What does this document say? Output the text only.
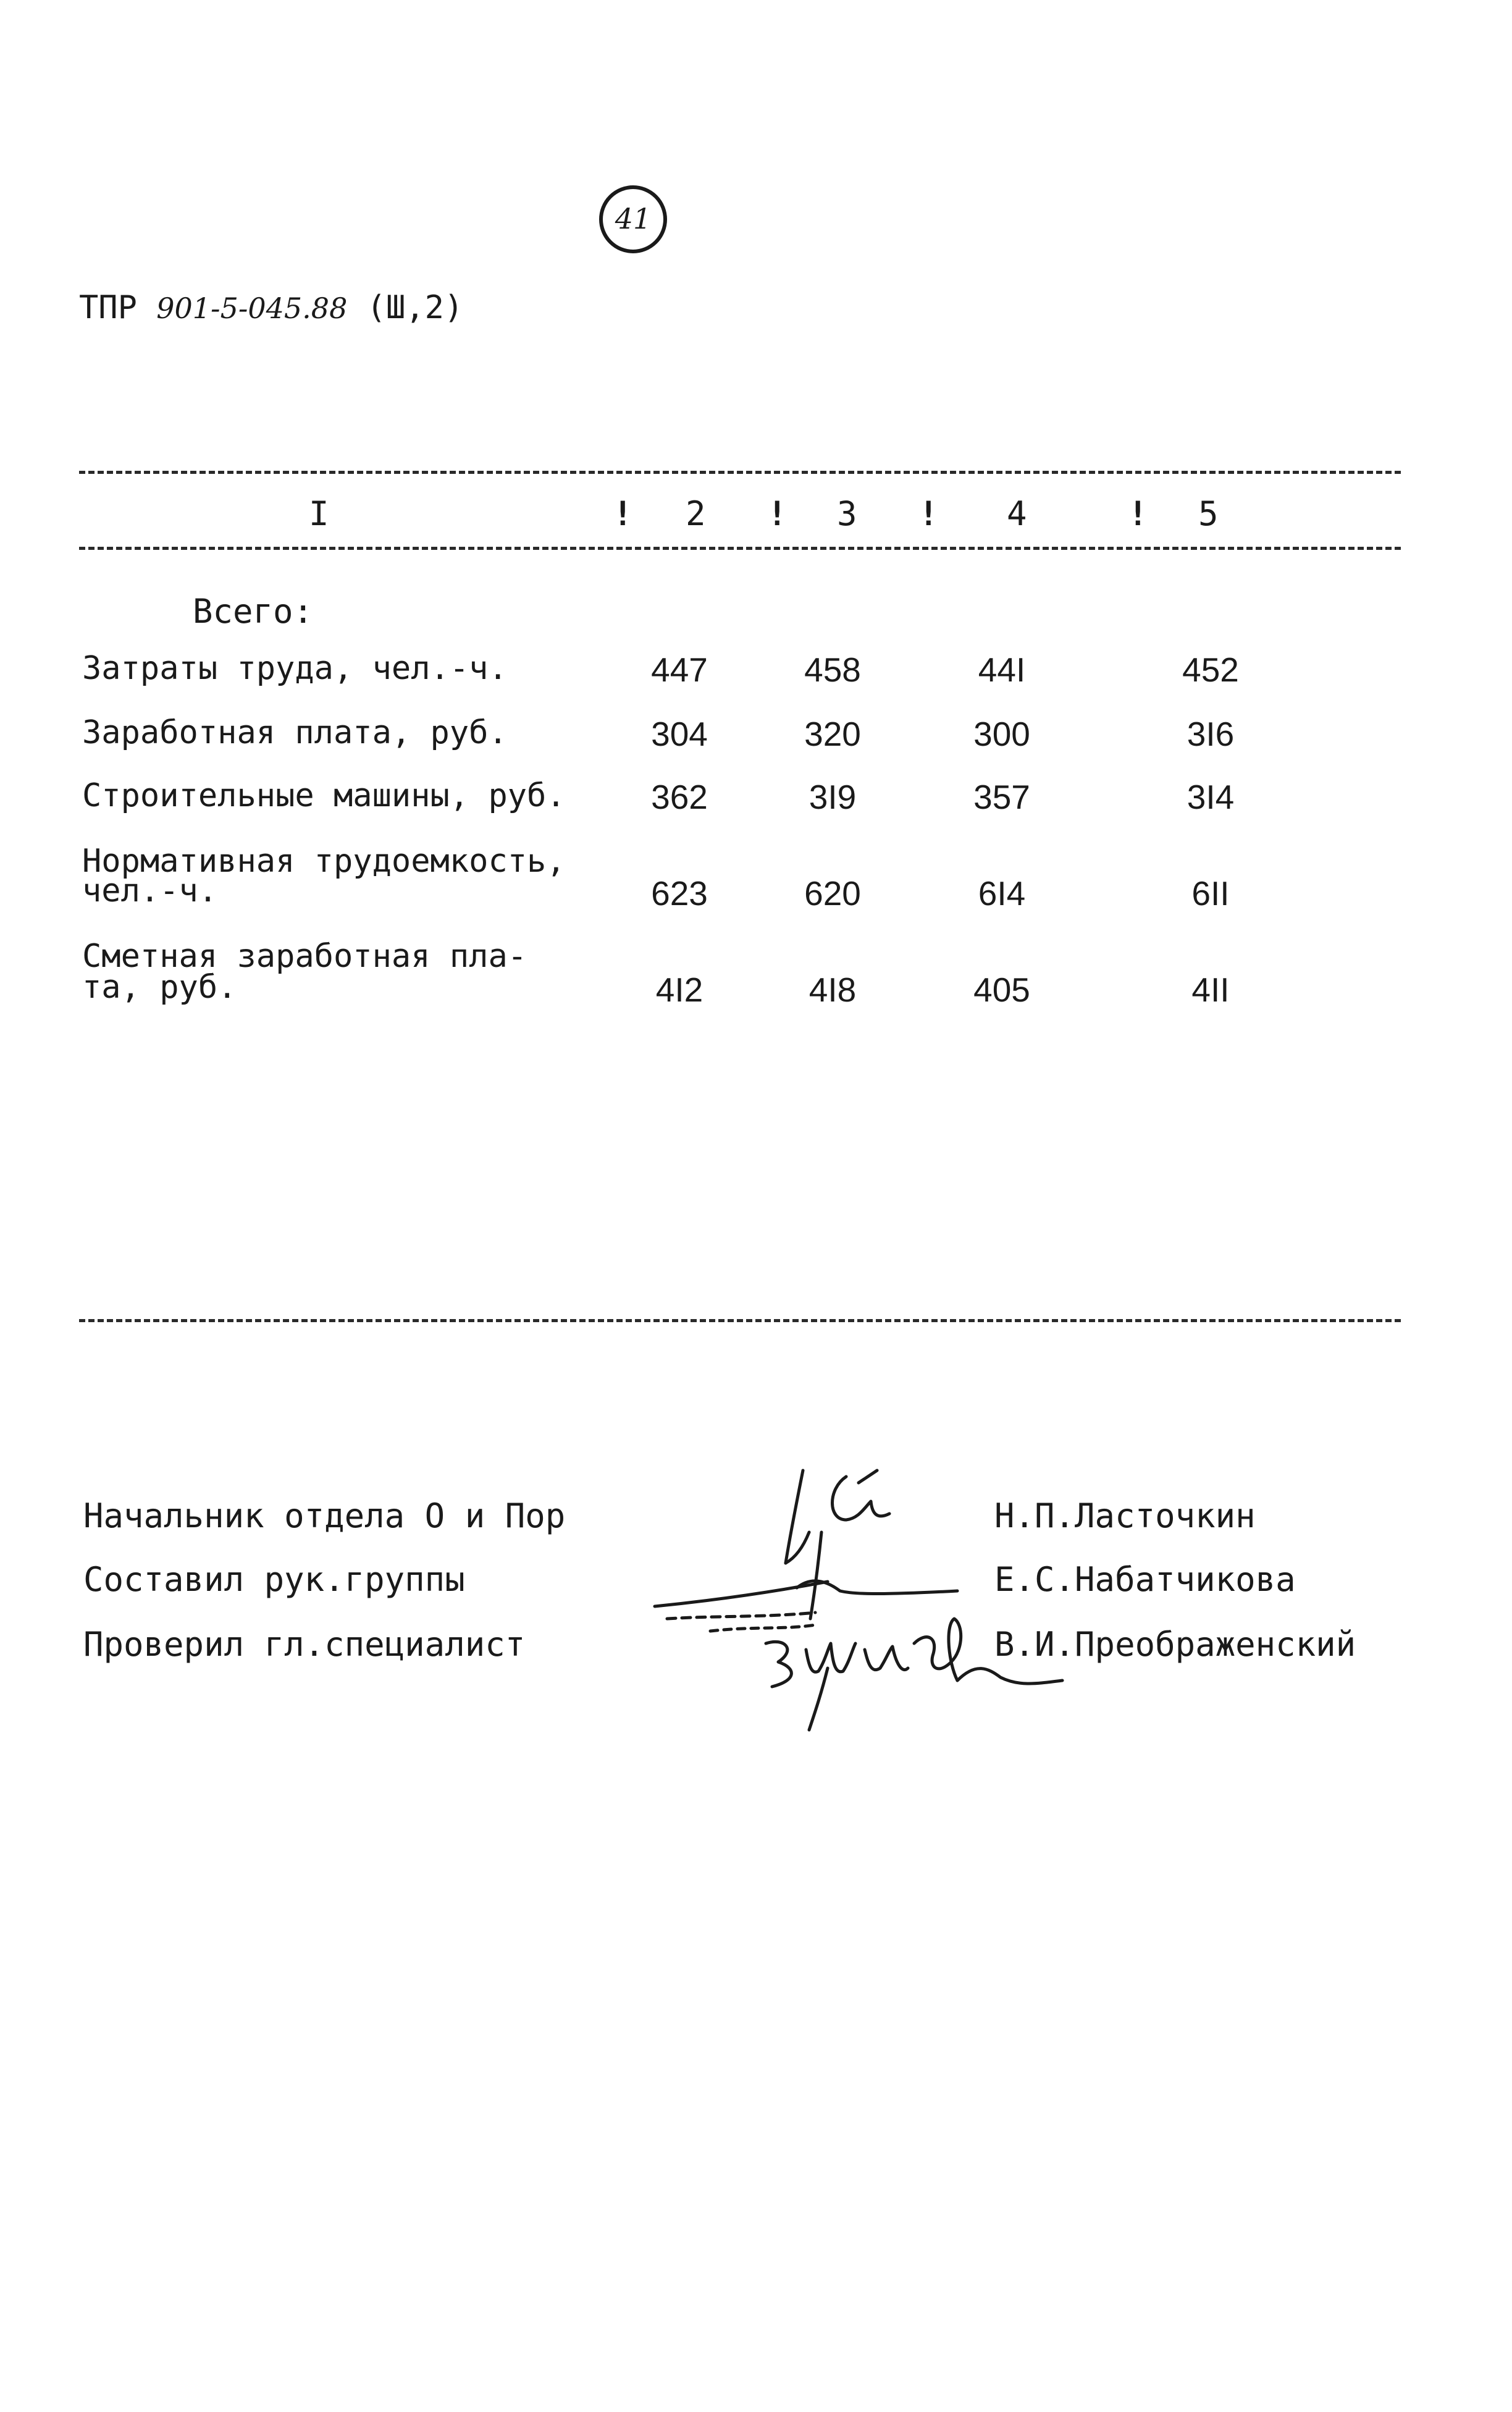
41
ТПР 901-5-045.88 (Ш,2)
I	! 2 ! 3 ! 4	! 5
Всего:
Затраты труда, чел.-ч.	447	458	44I	452
Заработная плата, руб.	304	320	300	3I6
Строительные машины, руб.	362	3I9	357	3I4
Нормативная трудоемкость,
чел.-ч.	623	620	6I4	6II
Сметная заработная пла-
та, руб.	4I2	4I8	405	4II
Начальник отдела О и Пор
Составил рук.группы
Проверил гл.специалист
Н.П.Ласточкин
Е.С.Набатчикова
В.И.Преображенский
